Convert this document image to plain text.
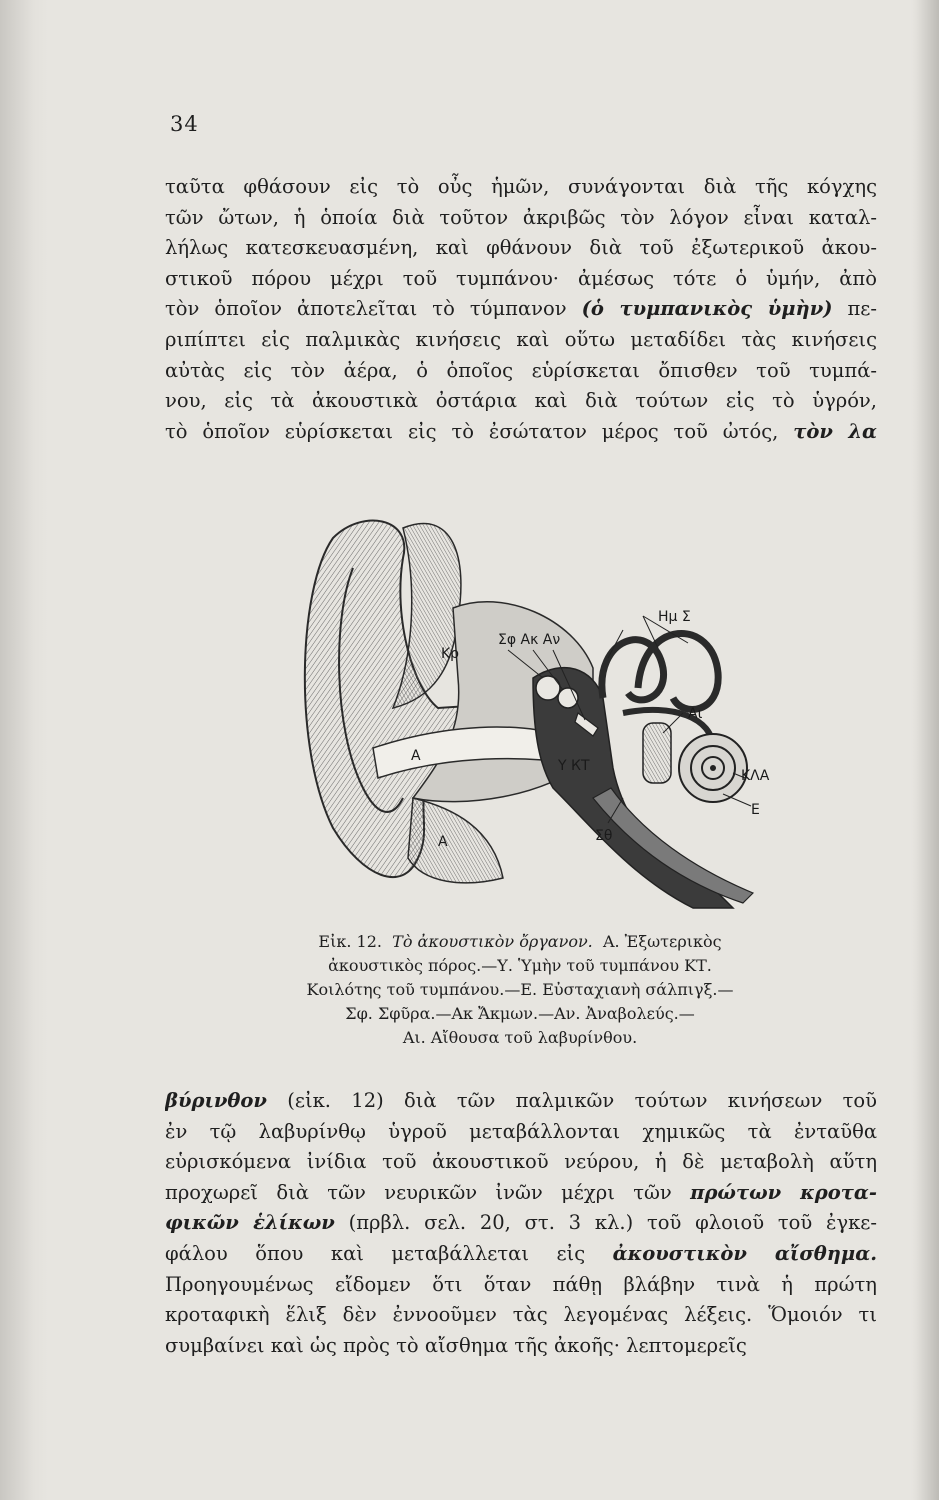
34
ταῦτα φθάσουν εἰς τὸ οὖς ἡμῶν, συνάγονται διὰ τῆς κόγχης
τῶν ὤτων, ἡ ὁποία διὰ τοῦτον ἀκριβῶς τὸν λόγον εἶναι καταλ-
λήλως κατεσκευασμένη, καὶ φθάνουν διὰ τοῦ ἐξωτερικοῦ ἀκου-
στικοῦ πόρου μέχρι τοῦ τυμπάνου· ἀμέσως τότε ὁ ὑμήν, ἀπὸ
τὸν ὁποῖον ἀποτελεῖται τὸ τύμπανον (ὁ τυμπανικὸς ὑμὴν) πε-
ριπίπτει εἰς παλμικὰς κινήσεις καὶ οὕτω μεταδίδει τὰς κινήσεις
αὐτὰς εἰς τὸν ἀέρα, ὁ ὁποῖος εὑρίσκεται ὄπισθεν τοῦ τυμπά-
νου, εἰς τὰ ἀκουστικὰ ὀστάρια καὶ διὰ τούτων εἰς τὸ ὑγρόν,
τὸ ὁποῖον εὑρίσκεται εἰς τὸ ἐσώτατον μέρος τοῦ ὠτός, τὸν λα
Κρ
Σφ Ακ Αν
Ημ Σ
Αι
Α
Υ КТ
ΚΛΑ
Ε
Α	Σθ
Εἰκ. 12. Τὸ ἀκουστικὸν ὄργανον. Α. Ἐξωτερικὸς
ἀκουστικὸς πόρος.—Υ. Ὑμὴν τοῦ τυμπάνου ΚΤ.
Κοιλότης τοῦ τυμπάνου.—Ε. Εὐσταχιανὴ σάλπιγξ.—
Σφ. Σφῦρα.—Ακ Ἄκμων.—Αν. Ἀναβολεύς.—
Αι. Αἴθουσα τοῦ λαβυρίνθου.
βύρινθον (εἰκ. 12) διὰ τῶν παλμικῶν τούτων κινήσεων τοῦ
ἐν τῷ λαβυρίνθῳ ὑγροῦ μεταβάλλονται χημικῶς τὰ ἐνταῦθα
εὑρισκόμενα ἰνίδια τοῦ ἀκουστικοῦ νεύρου, ἡ δὲ μεταβολὴ αὕτη
προχωρεῖ διὰ τῶν νευρικῶν ἰνῶν μέχρι τῶν πρώτων κροτα-
φικῶν ἑλίκων (πρβλ. σελ. 20, στ. 3 κλ.) τοῦ φλοιοῦ τοῦ ἐγκε-
φάλου ὅπου καὶ μεταβάλλεται εἰς ἀκουστικὸν αἴσθημα.
Προηγουμένως εἴδομεν ὅτι ὅταν πάθῃ βλάβην τινὰ ἡ πρώτη
κροταφικὴ ἕλιξ δὲν ἐννοοῦμεν τὰς λεγομένας λέξεις. Ὅμοιόν τι
συμβαίνει καὶ ὡς πρὸς τὸ αἴσθημα τῆς ἀκοῆς· λεπτομερεῖς
